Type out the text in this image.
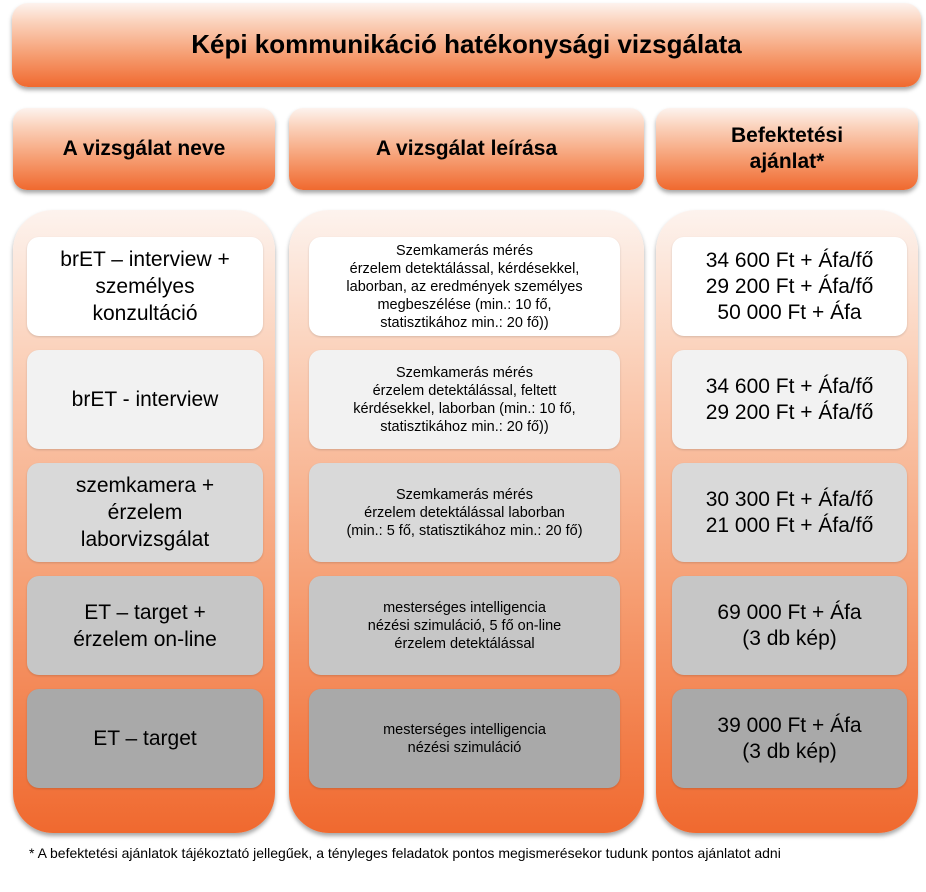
Képi kommunikáció hatékonysági vizsgálata
A vizsgálat neve	A vizsgálat leírása
Befektetési
ajánlat*
brET – interview +
személyes
konzultáció
Szemkamerás mérés
érzelem detektálással, kérdésekkel,
laborban, az eredmények személyes
megbeszélése (min.: 10 fő,
statisztikához min.: 20 fő))
34 600 Ft + Áfa/fő
29 200 Ft + Áfa/fő
50 000 Ft + Áfa
brET - interview
Szemkamerás mérés
érzelem detektálással, feltett
kérdésekkel, laborban (min.: 10 fő,
statisztikához min.: 20 fő))
34 600 Ft + Áfa/fő
29 200 Ft + Áfa/fő
szemkamera +
érzelem
laborvizsgálat
Szemkamerás mérés
érzelem detektálással laborban
(min.: 5 fő, statisztikához min.: 20 fő)
30 300 Ft + Áfa/fő
21 000 Ft + Áfa/fő
ET – target +
érzelem on-line
mesterséges intelligencia
nézési szimuláció, 5 fő on-line
érzelem detektálással
69 000 Ft + Áfa
(3 db kép)
ET – target	mesterséges intelligencia
nézési szimuláció
39 000 Ft + Áfa
(3 db kép)
* A befektetési ajánlatok tájékoztató jellegűek, a tényleges feladatok pontos megismerésekor tudunk pontos ajánlatot adni
